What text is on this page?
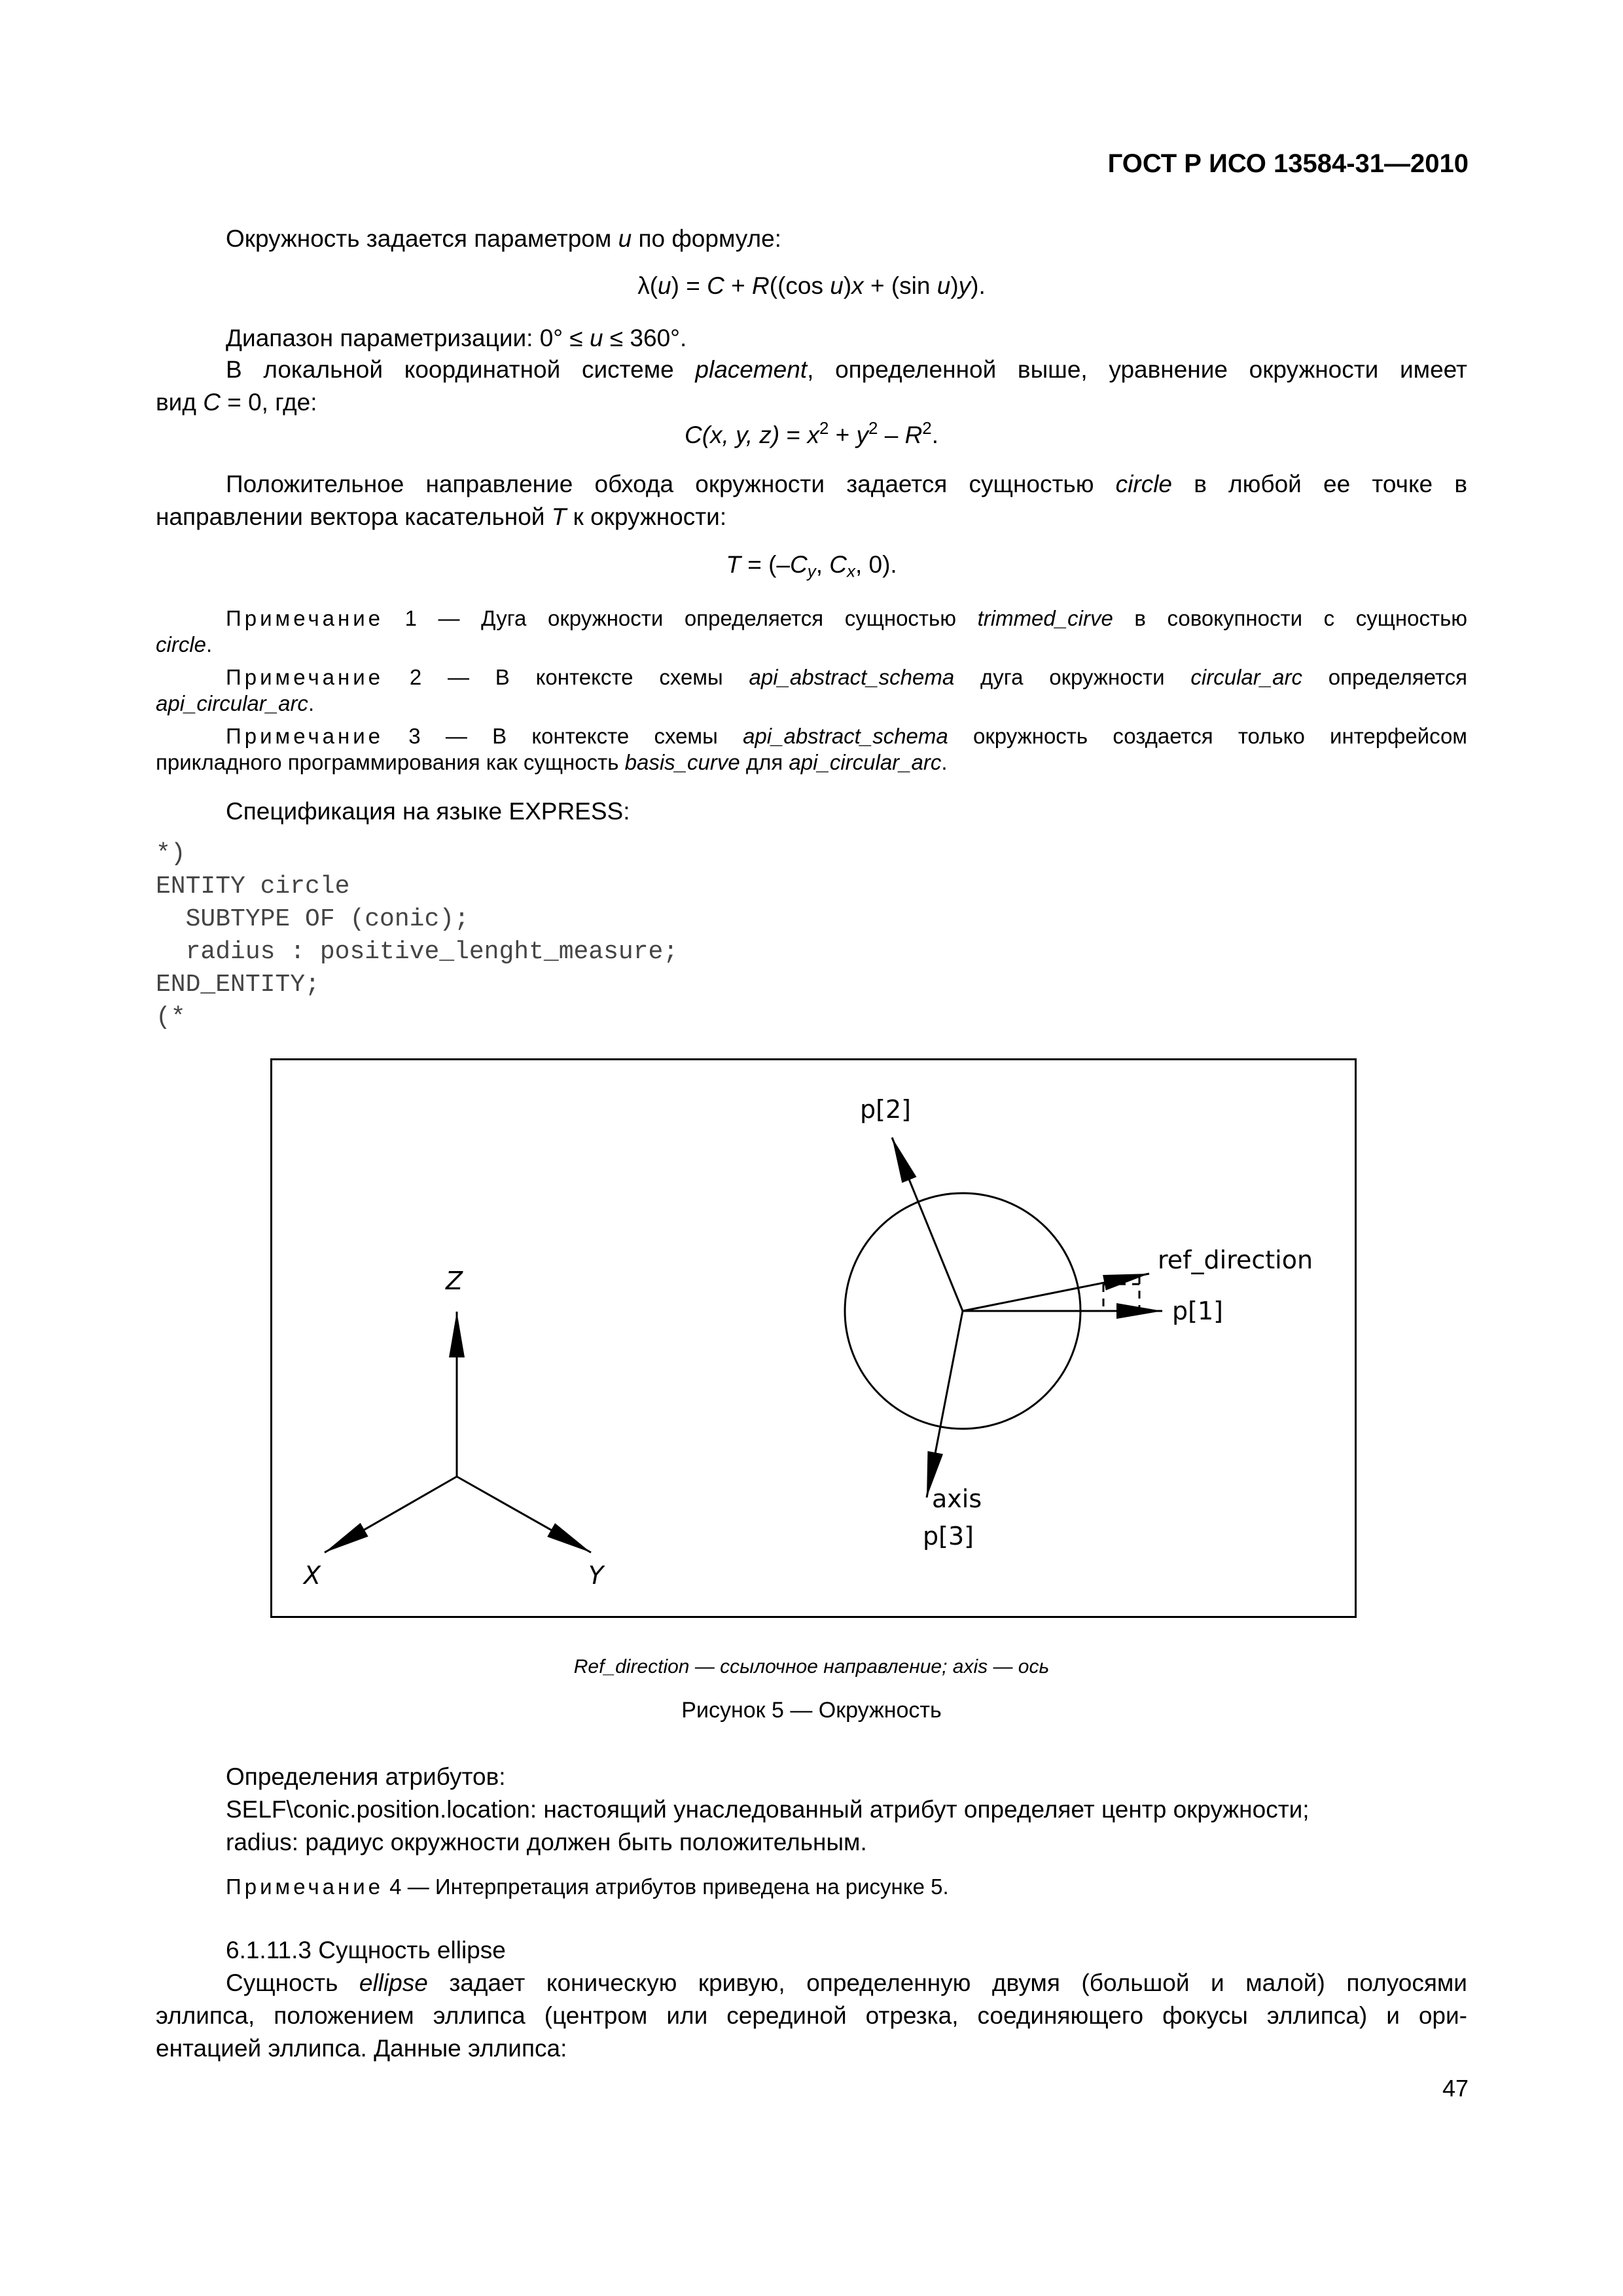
ГОСТ Р ИСО 13584-31—2010
Окружность задается параметром u по формуле:
λ(u) = C + R((cos u)x + (sin u)y).
Диапазон параметризации: 0° ≤ u ≤ 360°.
В локальной координатной системе placement, определенной выше, уравнение окружности имеет
вид C = 0, где:
C(x, y, $z) = x^2 + y^2 - R^2$.
Положительное направление обхода окружности задается сущностью circle в любой ее точке в
направлении вектора касательной T к окружности:
$T = (-C_y$, $C_x$, 0).
Примечание 1 — Дуга окружности определяется сущностью trimmed_cirve в совокупности с сущностью
circle.
Примечание 2 — В контексте схемы api_abstract_schema дуга окружности circular_arc определяется
api_circular_arc.
Примечание 3 — В контексте схемы api_abstract_schema окружность создается только интерфейсом
прикладного программирования как сущность basis_curve для api_circular_arc.
Спецификация на языке EXPRESS:
*)
ENTITY circle
SUBTYPE OF (conic);
radius : positive_lenght_measure;
END_ENTITY;
(*
Z
X	Y
p[2]
ref_direction
p[1]
axis
p[3]
Ref_direction — ссылочное направление; axis — ось
Рисунок 5 — Окружность
Определения атрибутов:
SELF\conic.position.location: настоящий унаследованный атрибут определяет центр окружности;
radius: радиус окружности должен быть положительным.
Примечание 4 — Интерпретация атрибутов приведена на рисунке 5.
6.1.11.3 Сущность ellipse
Сущность ellipse задает коническую кривую, определенную двумя (большой и малой) полуосями
эллипса, положением эллипса (центром или серединой отрезка, соединяющего фокусы эллипса) и ори-
ентацией эллипса. Данные эллипса:
47
